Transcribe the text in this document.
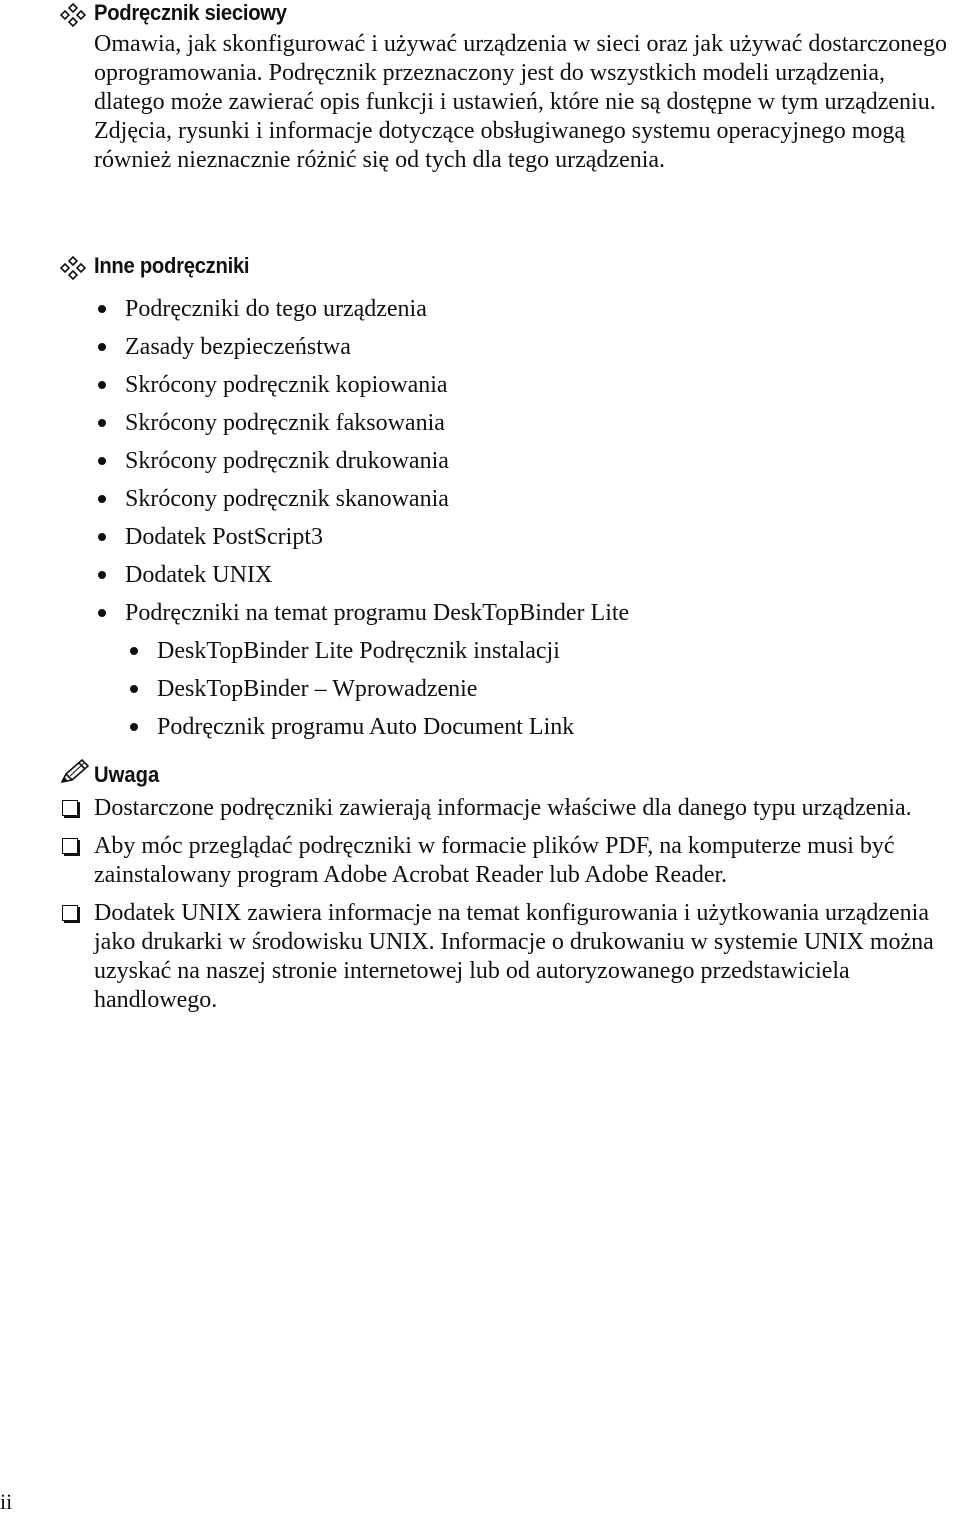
Podręcznik sieciowy

Omawia, jak skonfigurować i używać urządzenia w sieci oraz jak używać dostarczonego oprogramowania. Podręcznik przeznaczony jest do wszystkich modeli urządzenia, dlatego może zawierać opis funkcji i ustawień, które nie są dostępne w tym urządzeniu. Zdjęcia, rysunki i informacje dotyczące obsługiwanego systemu operacyjnego mogą również nieznacznie różnić się od tych dla tego urządzenia.

Inne podręczniki
Podręczniki do tego urządzenia
Zasady bezpieczeństwa
Skrócony podręcznik kopiowania
Skrócony podręcznik faksowania
Skrócony podręcznik drukowania
Skrócony podręcznik skanowania
Dodatek PostScript3
Dodatek UNIX
Podręczniki na temat programu DeskTopBinder Lite
DeskTopBinder Lite Podręcznik instalacji
DeskTopBinder – Wprowadzenie
Podręcznik programu Auto Document Link
Uwaga

Dostarczone podręczniki zawierają informacje właściwe dla danego typu urządzenia.

Aby móc przeglądać podręczniki w formacie plików PDF, na komputerze musi być zainstalowany program Adobe Acrobat Reader lub Adobe Reader.

Dodatek UNIX zawiera informacje na temat konfigurowania i użytkowania urządzenia jako drukarki w środowisku UNIX. Informacje o drukowaniu w systemie UNIX można uzyskać na naszej stronie internetowej lub od autoryzowanego przedstawiciela handlowego.

ii
